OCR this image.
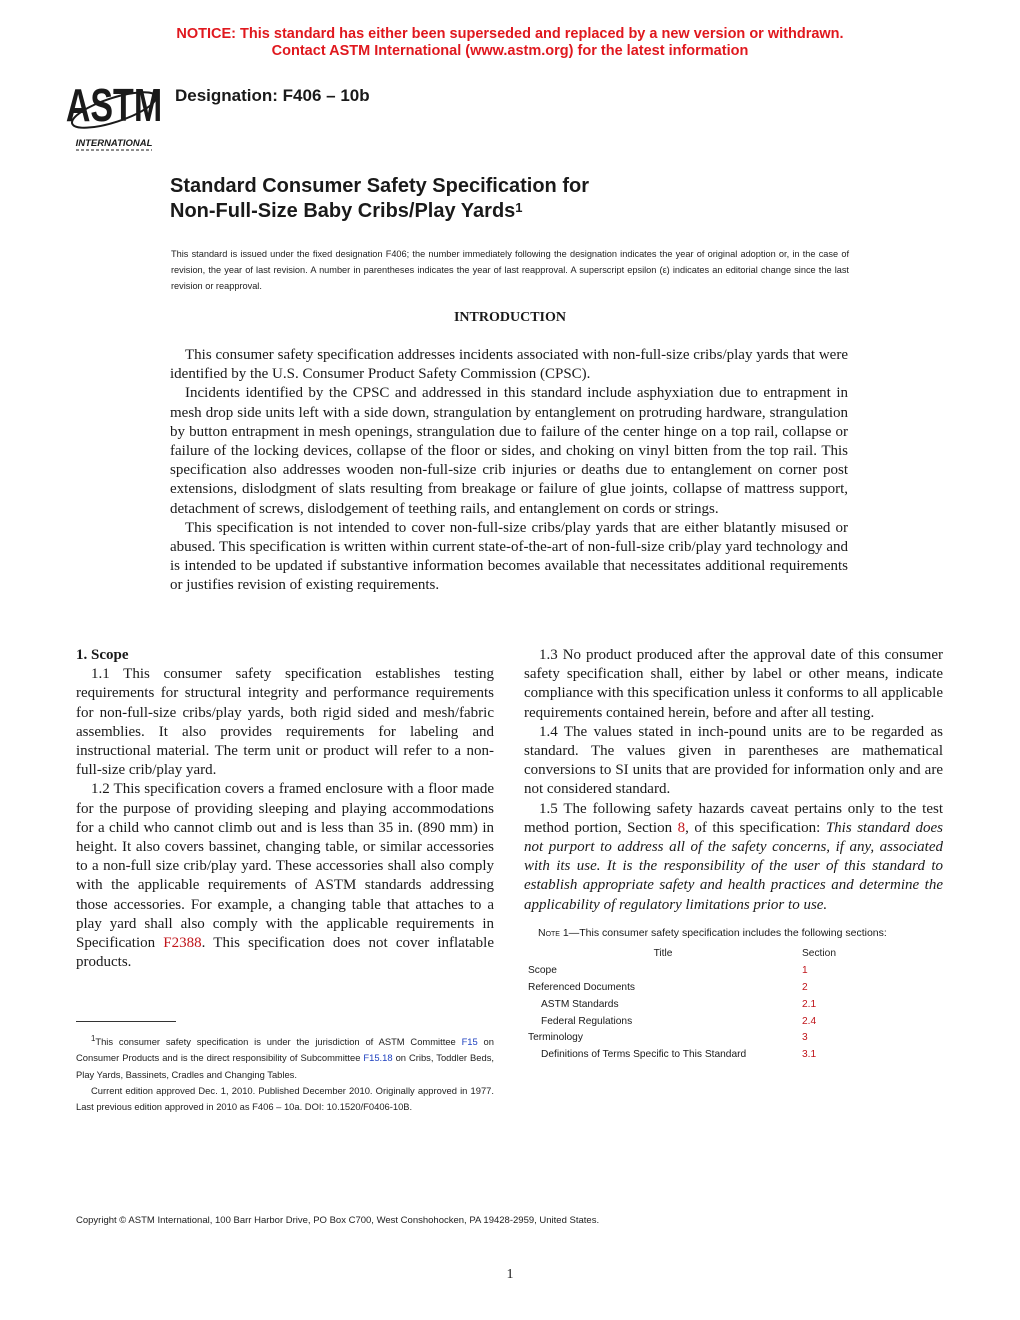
NOTICE: This standard has either been superseded and replaced by a new version or withdrawn.
Contact ASTM International (www.astm.org) for the latest information
ASTM
INTERNATIONAL
Designation: F406 – 10b
Standard Consumer Safety Specification for
Non-Full-Size Baby Cribs/Play Yards$^1$
This standard is issued under the fixed designation F406; the number immediately following the designation indicates the year of original adoption or, in the case of revision, the year of last revision. A number in parentheses indicates the year of last reapproval. A superscript epsilon (ε) indicates an editorial change since the last revision or reapproval.
INTRODUCTION

This consumer safety specification addresses incidents associated with non-full-size cribs/play yards that were identified by the U.S. Consumer Product Safety Commission (CPSC).

Incidents identified by the CPSC and addressed in this standard include asphyxiation due to entrapment in mesh drop side units left with a side down, strangulation by entanglement on protruding hardware, strangulation by button entrapment in mesh openings, strangulation due to failure of the center hinge on a top rail, collapse or failure of the locking devices, collapse of the floor or sides, and choking on vinyl bitten from the top rail. This specification also addresses wooden non-full-size crib injuries or deaths due to entanglement on corner post extensions, dislodgment of slats resulting from breakage or failure of glue joints, collapse of mattress support, detachment of screws, dislodgement of teething rails, and entanglement on cords or strings.

This specification is not intended to cover non-full-size cribs/play yards that are either blatantly misused or abused. This specification is written within current state-of-the-art of non-full-size crib/play yard technology and is intended to be updated if substantive information becomes available that necessitates additional requirements or justifies revision of existing requirements.

1. Scope

1.1 This consumer safety specification establishes testing requirements for structural integrity and performance requirements for non-full-size cribs/play yards, both rigid sided and mesh/fabric assemblies. It also provides requirements for labeling and instructional material. The term unit or product will refer to a non-full-size crib/play yard.

1.2 This specification covers a framed enclosure with a floor made for the purpose of providing sleeping and playing accommodations for a child who cannot climb out and is less than 35 in. (890 mm) in height. It also covers bassinet, changing table, or similar accessories to a non-full size crib/play yard. These accessories shall also comply with the applicable requirements of ASTM standards addressing those accessories. For example, a changing table that attaches to a play yard shall also comply with the applicable requirements in Specification F2388. This specification does not cover inflatable products.

$^1$This consumer safety specification is under the jurisdiction of ASTM Committee F15 on Consumer Products and is the direct responsibility of Subcommittee F15.18 on Cribs, Toddler Beds, Play Yards, Bassinets, Cradles and Changing Tables.

Current edition approved Dec. 1, 2010. Published December 2010. Originally approved in 1977. Last previous edition approved in 2010 as F406 – 10a. DOI: 10.1520/F0406-10B.

1.3 No product produced after the approval date of this consumer safety specification shall, either by label or other means, indicate compliance with this specification unless it conforms to all applicable requirements contained herein, before and after all testing.

1.4 The values stated in inch-pound units are to be regarded as standard. The values given in parentheses are mathematical conversions to SI units that are provided for information only and are not considered standard.

1.5 The following safety hazards caveat pertains only to the test method portion, Section 8, of this specification: This standard does not purport to address all of the safety concerns, if any, associated with its use. It is the responsibility of the user of this standard to establish appropriate safety and health practices and determine the applicability of regulatory limitations prior to use.

Note 1—This consumer safety specification includes the following sections:

Title	Section
Scope	1
Referenced Documents	2
ASTM Standards	2.1
Federal Regulations	2.4
Terminology	3
Definitions of Terms Specific to This Standard	3.1
Copyright © ASTM International, 100 Barr Harbor Drive, PO Box C700, West Conshohocken, PA 19428-2959, United States.
1
